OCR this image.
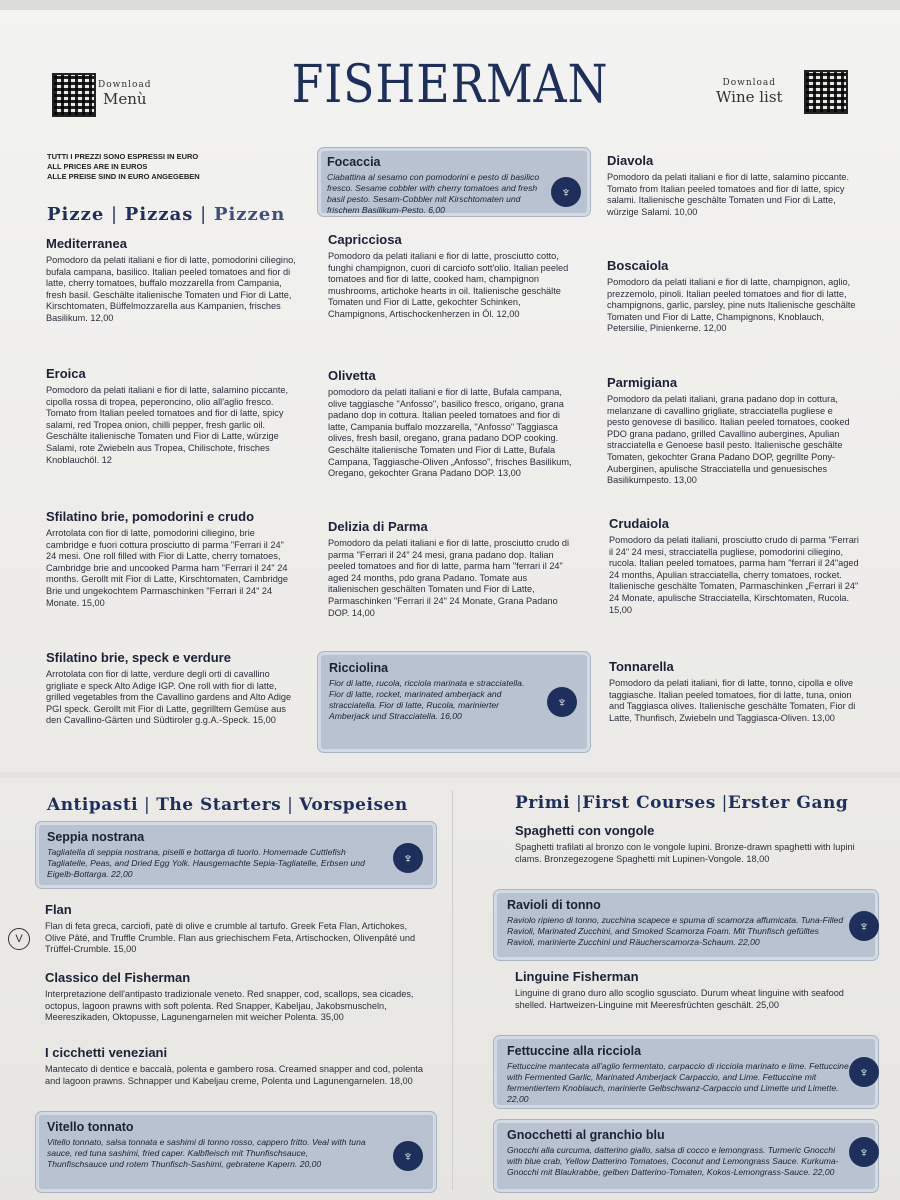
Download
Menù	FISHERMAN	Download
Wine list
TUTTI I PREZZI SONO ESPRESSI IN EURO
ALL PRICES ARE IN EUROS
ALLE PREISE SIND IN EURO ANGEGEBEN
Pizze | Pizzas | Pizzen
Mediterranea

Pomodoro da pelati italiani e fior di latte, pomodorini ciliegino, bufala campana, basilico. Italian peeled tomatoes and fior di latte, cherry tomatoes, buffalo mozzarella from Campania, fresh basil. Geschälte italienische Tomaten und Fior di Latte, Kirschtomaten, Büffelmozzarella aus Kampanien, frisches Basilikum. 12,00

Eroica

Pomodoro da pelati italiani e fior di latte, salamino piccante, cipolla rossa di tropea, peperoncino, olio all'aglio fresco. Tomato from Italian peeled tomatoes and fior di latte, spicy salami, red Tropea onion, chilli pepper, fresh garlic oil. Geschälte italienische Tomaten und Fior di Latte, würzige Salami, rote Zwiebeln aus Tropea, Chilischote, frisches Knoblauchöl. 12

Sfilatino brie, pomodorini e crudo

Arrotolata con fior di latte, pomodorini ciliegino, brie cambridge e fuori cottura prosciutto di parma "Ferrari il 24" 24 mesi. One roll filled with Fior di Latte, cherry tomatoes, Cambridge brie and uncooked Parma ham "Ferrari il 24" 24 months. Gerollt mit Fior di Latte, Kirschtomaten, Cambridge Brie und ungekochtem Parmaschinken "Ferrari il 24" 24 Monate. 15,00

Sfilatino brie, speck e verdure

Arrotolata con fior di latte, verdure degli orti di cavallino grigliate e speck Alto Adige IGP. One roll with fior di latte, grilled vegetables from the Cavallino gardens and Alto Adige PGI speck. Gerollt mit Fior di Latte, gegrilltem Gemüse aus den Cavallino-Gärten und Südtiroler g.g.A.-Speck. 15,00

Focaccia

Ciabattina al sesamo con pomodorini e pesto di basilico fresco. Sesame cobbler with cherry tomatoes and fresh basil pesto. Sesam-Cobbler mit Kirschtomaten und frischem Basilikum-Pesto. 6,00

♆
Capricciosa

Pomodoro da pelati italiani e fior di latte, prosciutto cotto, funghi champignon, cuori di carciofo sott'olio. Italian peeled tomatoes and fior di latte, cooked ham, champignon mushrooms, artichoke hearts in oil. Italienische geschälte Tomaten und Fior di Latte, gekochter Schinken, Champignons, Artischockenherzen in Öl. 12,00

Olivetta

pomodoro da pelati italiani e fior di latte, Bufala campana, olive taggiasche "Anfosso", basilico fresco, origano, grana padano dop in cottura. Italian peeled tomatoes and fior di latte, Campania buffalo mozzarella, "Anfosso" Taggiasca olives, fresh basil, oregano, grana padano DOP cooking. Geschälte italienische Tomaten und Fior di Latte, Bufala Campana, Taggiasche-Oliven „Anfosso", frisches Basilikum, Oregano, gekochter Grana Padano DOP. 13,00

Delizia di Parma

Pomodoro da pelati italiani e fior di latte, prosciutto crudo di parma "Ferrari il 24" 24 mesi, grana padano dop. Italian peeled tomatoes and fior di latte, parma ham "ferrari il 24" aged 24 months, pdo grana Padano. Tomate aus italienischen geschälten Tomaten und Fior di Latte, Parmaschinken "Ferrari il 24" 24 Monate, Grana Padano DOP. 14,00

Ricciolina

Fior di latte, rucola, ricciola marinata e stracciatella. Fior di latte, rocket, marinated amberjack and stracciatella. Fior di latte, Rucola, marinierter Amberjack und Stracciatella. 16,00

♆
Diavola

Pomodoro da pelati italiani e fior di latte, salamino piccante. Tomato from Italian peeled tomatoes and fior di latte, spicy salami. Italienische geschälte Tomaten und Fior di Latte, würzige Salami. 10,00

Boscaiola

Pomodoro da pelati italiani e fior di latte, champignon, aglio, prezzemolo, pinoli. Italian peeled tomatoes and fior di latte, champignons, garlic, parsley, pine nuts Italienische geschälte Tomaten und Fior di Latte, Champignons, Knoblauch, Petersilie, Pinienkerne. 12,00

Parmigiana

Pomodoro da pelati italiani, grana padano dop in cottura, melanzane di cavallino grigliate, stracciatella pugliese e pesto genovese di basilico. Italian peeled tomatoes, cooked PDO grana padano, grilled Cavallino aubergines, Apulian stracciatella e Genoese basil pesto. Italienische geschälte Tomaten, gekochter Grana Padano DOP, gegrillte Pony-Auberginen, apulische Stracciatella und genuesisches Basilikumpesto. 13,00

Crudaiola

Pomodoro da pelati italiani, prosciutto crudo di parma "Ferrari il 24" 24 mesi, stracciatella pugliese, pomodorini ciliegino, rucola. Italian peeled tomatoes, parma ham "ferrari il 24"aged 24 months, Apulian stracciatella, cherry tomatoes, rocket. Italienische geschälte Tomaten, Parmaschinken „Ferrari il 24" 24 Monate, apulische Stracciatella, Kirschtomaten, Rucola. 15,00

Tonnarella

Pomodoro da pelati italiani, fior di latte, tonno, cipolla e olive taggiasche. Italian peeled tomatoes, fior di latte, tuna, onion and Taggiasca olives. Italienische geschälte Tomaten, Fior di Latte, Thunfisch, Zwiebeln und Taggiasca-Oliven. 13,00

Antipasti | The Starters | Vorspeisen
Seppia nostrana

Tagliatella di seppia nostrana, piselli e bottarga di tuorlo. Homemade Cuttlefish Tagliatelle, Peas, and Dried Egg Yolk. Hausgemachte Sepia-Tagliatelle, Erbsen und Eigelb-Bottarga. 22,00

♆
V
Flan

Flan di feta greca, carciofi, patè di olive e crumble al tartufo. Greek Feta Flan, Artichokes, Olive Pâté, and Truffle Crumble. Flan aus griechischem Feta, Artischocken, Olivenpâté und Trüffel-Crumble. 15,00

Classico del Fisherman

Interpretazione dell'antipasto tradizionale veneto. Red snapper, cod, scallops, sea cicades, octopus, lagoon prawns with soft polenta. Red Snapper, Kabeljau, Jakobsmuscheln, Meereszikaden, Oktopusse, Lagunengarnelen mit weicher Polenta. 35,00

I cicchetti veneziani

Mantecato di dentice e baccalà, polenta e gambero rosa. Creamed snapper and cod, polenta and lagoon prawns. Schnapper und Kabeljau creme, Polenta und Lagunengarnelen. 18,00

Vitello tonnato

Vitello tonnato, salsa tonnata e sashimi di tonno rosso, cappero fritto. Veal with tuna sauce, red tuna sashimi, fried caper. Kalbfleisch mit Thunfischsauce, Thunfischsauce und rotem Thunfisch-Sashimi, gebratene Kapern. 20,00	♆
Primi |First Courses |Erster Gang
Spaghetti con vongole

Spaghetti trafilati al bronzo con le vongole lupini. Bronze-drawn spaghetti with lupini clams. Bronzegezogene Spaghetti mit Lupinen-Vongole. 18,00

Ravioli di tonno

Raviolo ripieno di tonno, zucchina scapece e spuma di scamorza affumicata. Tuna-Filled Ravioli, Marinated Zucchini, and Smoked Scamorza Foam. Mit Thunfisch gefülltes Ravioli, marinierte Zucchini und Räucherscamorza-Schaum. 22,00

♆
Linguine Fisherman

Linguine di grano duro allo scoglio sgusciato. Durum wheat linguine with seafood shelled. Hartweizen-Linguine mit Meeresfrüchten geschält. 25,00

Fettuccine alla ricciola

Fettuccine mantecata all'aglio fermentato, carpaccio di ricciola marinato e lime. Fettuccine with Fermented Garlic, Marinated Amberjack Carpaccio, and Lime. Fettuccine mit fermentiertem Knoblauch, marinierte Gelbschwanz-Carpaccio und Limette und Limette. 22,00

♆
Gnocchetti al granchio blu

Gnocchi alla curcuma, datterino giallo, salsa di cocco e lemongrass. Turmeric Gnocchi with blue crab, Yellow Datterino Tomatoes, Coconut and Lemongrass Sauce. Kurkuma-Gnocchi mit Blaukrabbe, gelben Datterino-Tomaten, Kokos-Lemongrass-Sauce. 22,00

♆
